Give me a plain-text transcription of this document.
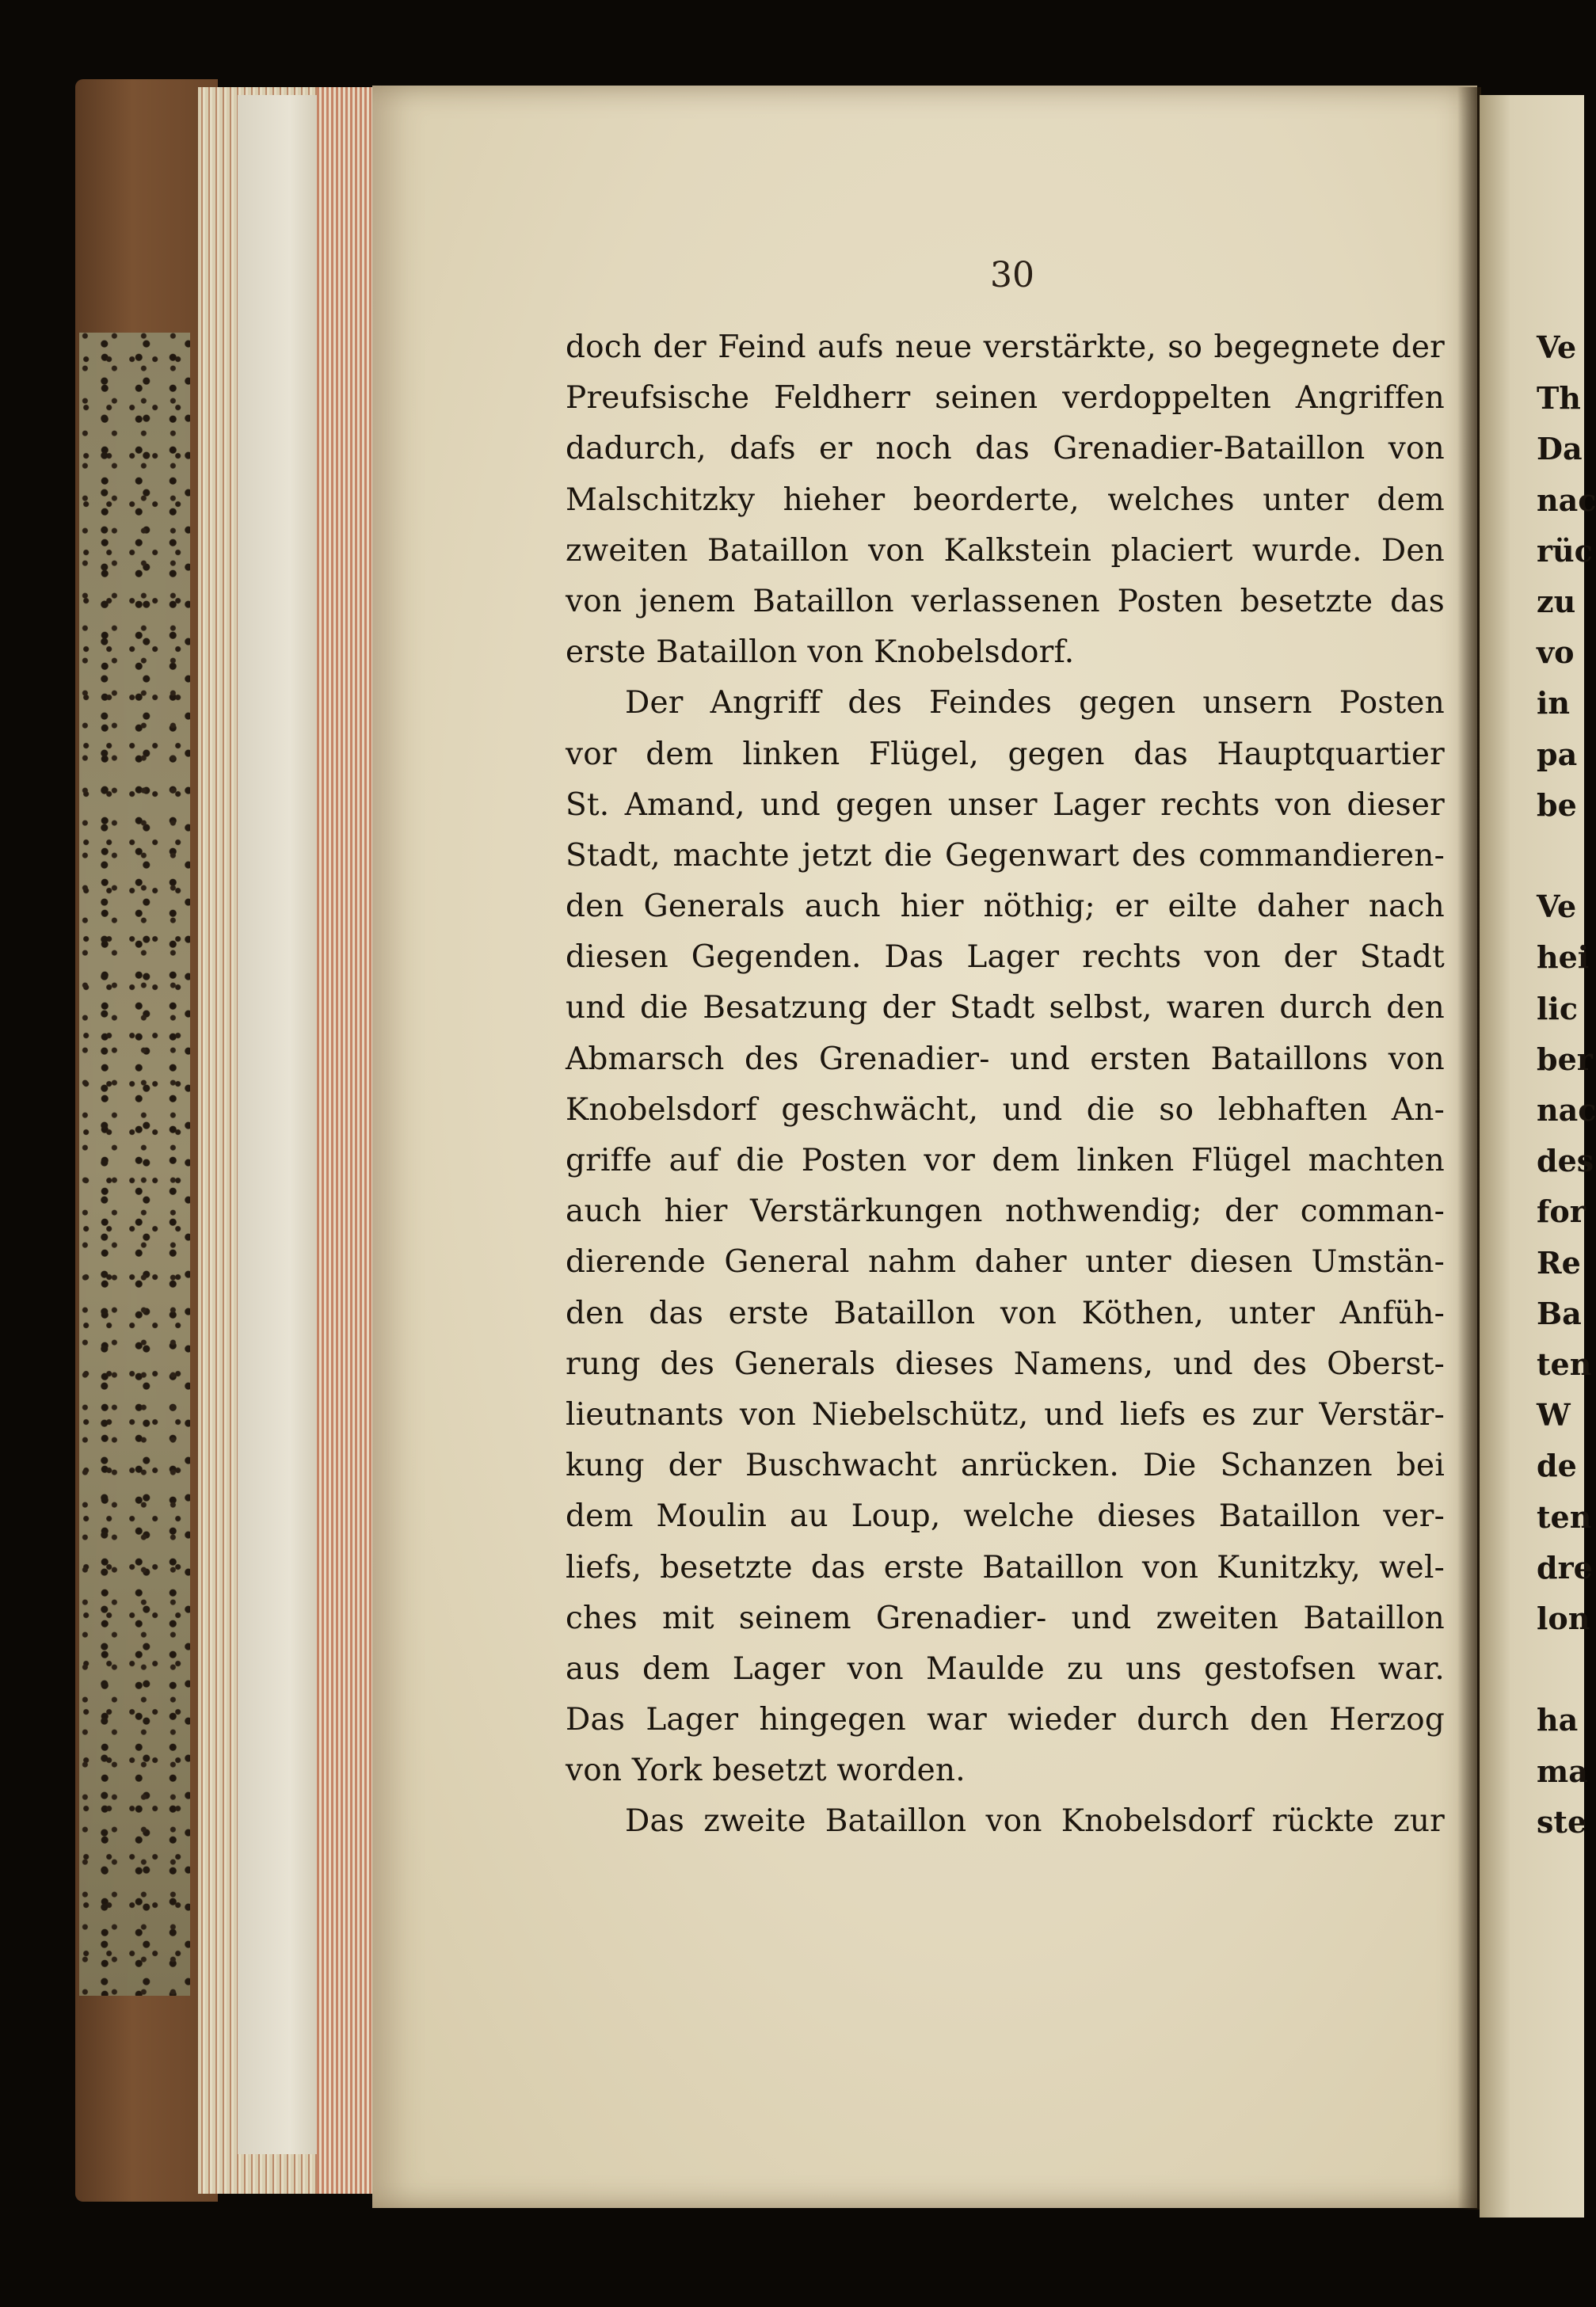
Ve
Th
Da
nac
rüc
zu
vo
in
pa
be
Ve
hei
lic
ber
nac
des
for
Re
Ba
ten
W
de
ten
dre
lon
ha
ma
ste
30
doch der Feind aufs neue verstärkte, so begegnete der
Preufsische Feldherr seinen verdoppelten Angriffen
dadurch, dafs er noch das Grenadier-Bataillon von
Malschitzky hieher beorderte, welches unter dem
zweiten Bataillon von Kalkstein placiert wurde. Den
von jenem Bataillon verlassenen Posten besetzte das
erste Bataillon von Knobelsdorf.
Der Angriff des Feindes gegen unsern Posten
vor dem linken Flügel, gegen das Hauptquartier
St. Amand, und gegen unser Lager rechts von dieser
Stadt, machte jetzt die Gegenwart des commandieren-
den Generals auch hier nöthig; er eilte daher nach
diesen Gegenden. Das Lager rechts von der Stadt
und die Besatzung der Stadt selbst, waren durch den
Abmarsch des Grenadier- und ersten Bataillons von
Knobelsdorf geschwächt, und die so lebhaften An-
griffe auf die Posten vor dem linken Flügel machten
auch hier Verstärkungen nothwendig; der comman-
dierende General nahm daher unter diesen Umstän-
den das erste Bataillon von Köthen, unter Anfüh-
rung des Generals dieses Namens, und des Oberst-
lieutnants von Niebelschütz, und liefs es zur Verstär-
kung der Buschwacht anrücken. Die Schanzen bei
dem Moulin au Loup, welche dieses Bataillon ver-
liefs, besetzte das erste Bataillon von Kunitzky, wel-
ches mit seinem Grenadier- und zweiten Bataillon
aus dem Lager von Maulde zu uns gestofsen war.
Das Lager hingegen war wieder durch den Herzog
von York besetzt worden.
Das zweite Bataillon von Knobelsdorf rückte zur
